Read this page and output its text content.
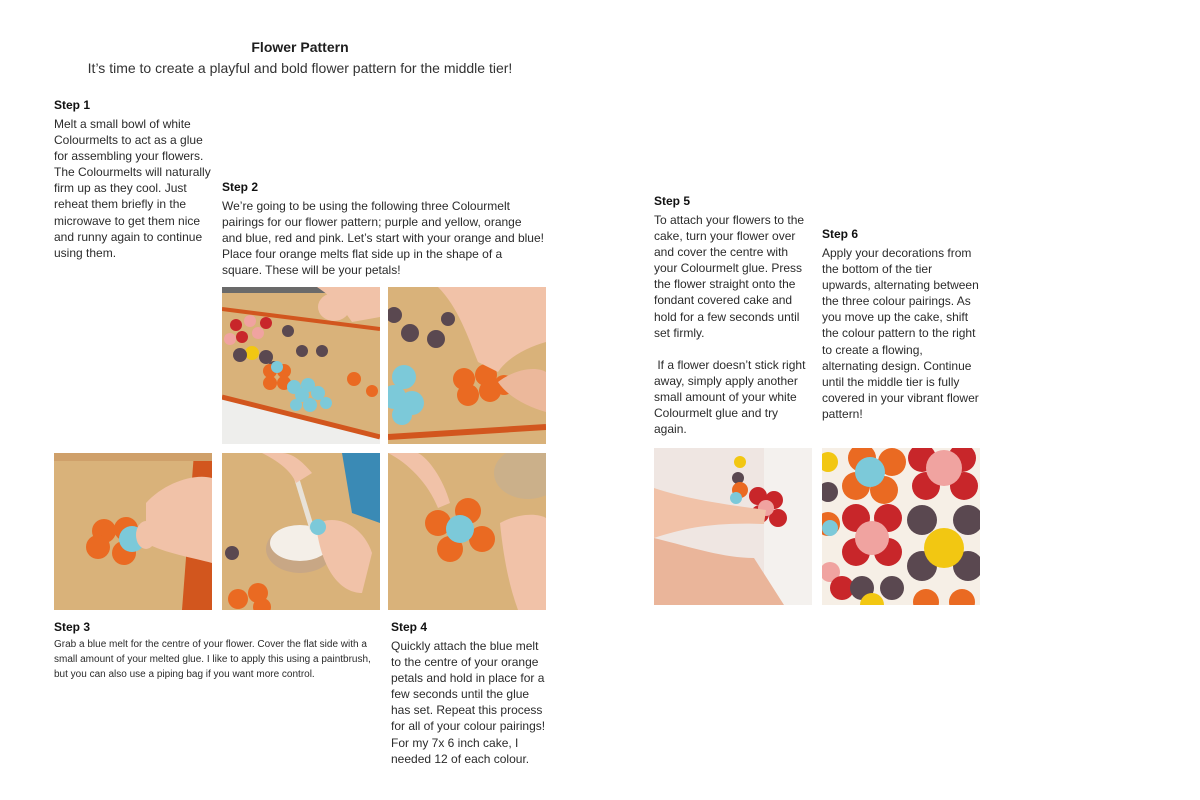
Flower Pattern
It’s time to create a playful and bold flower pattern for the middle tier!
Step 1

Melt a small bowl of white Colourmelts to act as a glue for assembling your flowers. The Colourmelts will naturally firm up as they cool. Just reheat them briefly in the microwave to get them nice and runny again to continue using them.

Step 2

We’re going to be using the following three Colourmelt pairings for our flower pattern; purple and yellow, orange and blue, red and pink. Let’s start with your orange and blue! Place four orange melts flat side up in the shape of a square. These will be your petals!

Step 3

Grab a blue melt for the centre of your flower. Cover the flat side with a small amount of your melted glue. I like to apply this using a paintbrush, but you can also use a piping bag if you want more control.

Step 4

Quickly attach the blue melt to the centre of your orange petals and hold in place for a few seconds until the glue has set. Repeat this process for all of your colour pairings! For my 7x 6 inch cake, I needed 12 of each colour.

Step 5

To attach your flowers to the cake, turn your flower over and cover the centre with your Colourmelt glue. Press the flower straight onto the fondant covered cake and hold for a few seconds until set firmly.

If a flower doesn’t stick right away, simply apply another small amount of your white Colourmelt glue and try again.

Step 6

Apply your decorations from the bottom of the tier upwards, alternating between the three colour pairings. As you move up the cake, shift the colour pattern to the right to create a flowing, alternating design. Continue until the middle tier is fully covered in your vibrant flower pattern!
